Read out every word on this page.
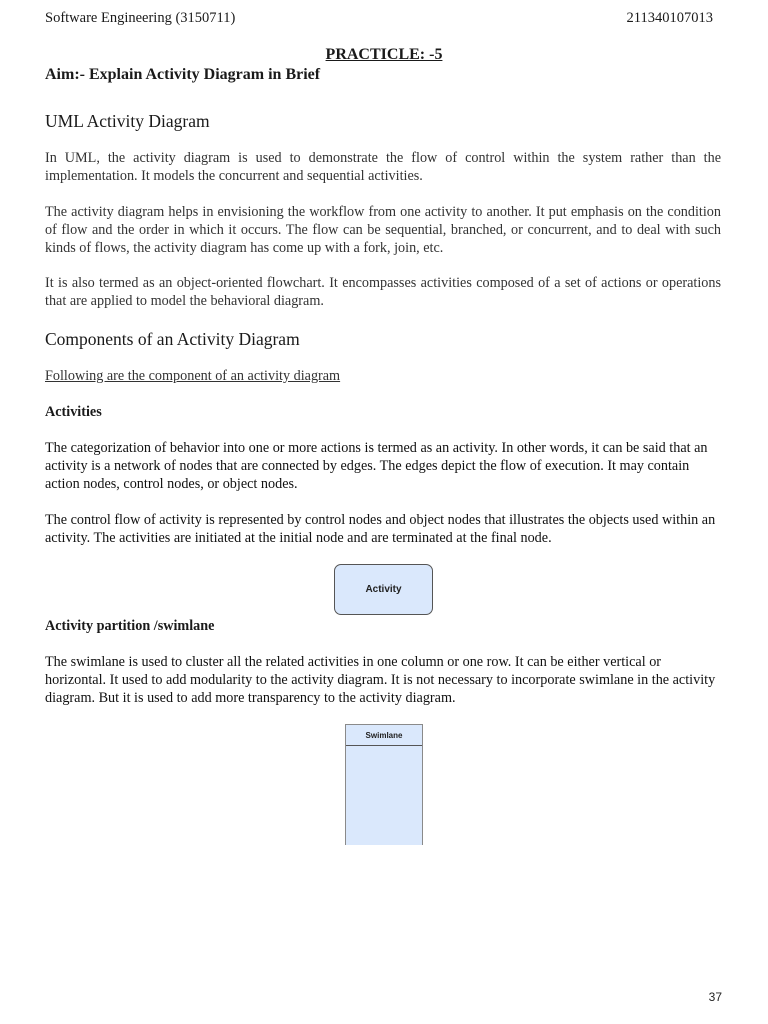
Software Engineering (3150711)	211340107013
PRACTICLE: -5
Aim:- Explain Activity Diagram in Brief
UML Activity Diagram
In UML, the activity diagram is used to demonstrate the flow of control within the system rather than the implementation. It models the concurrent and sequential activities.
The activity diagram helps in envisioning the workflow from one activity to another. It put emphasis on the condition of flow and the order in which it occurs. The flow can be sequential, branched, or concurrent, and to deal with such kinds of flows, the activity diagram has come up with a fork, join, etc.
It is also termed as an object-oriented flowchart. It encompasses activities composed of a set of actions or operations that are applied to model the behavioral diagram.
Components of an Activity Diagram
Following are the component of an activity diagram
Activities
The categorization of behavior into one or more actions is termed as an activity. In other words, it can be said that an activity is a network of nodes that are connected by edges. The edges depict the flow of execution. It may contain action nodes, control nodes, or object nodes.
The control flow of activity is represented by control nodes and object nodes that illustrates the objects used within an activity. The activities are initiated at the initial node and are terminated at the final node.
Activity
Activity partition /swimlane
The swimlane is used to cluster all the related activities in one column or one row. It can be either vertical or horizontal. It used to add modularity to the activity diagram. It is not necessary to incorporate swimlane in the activity diagram. But it is used to add more transparency to the activity diagram.
Swimlane
37
